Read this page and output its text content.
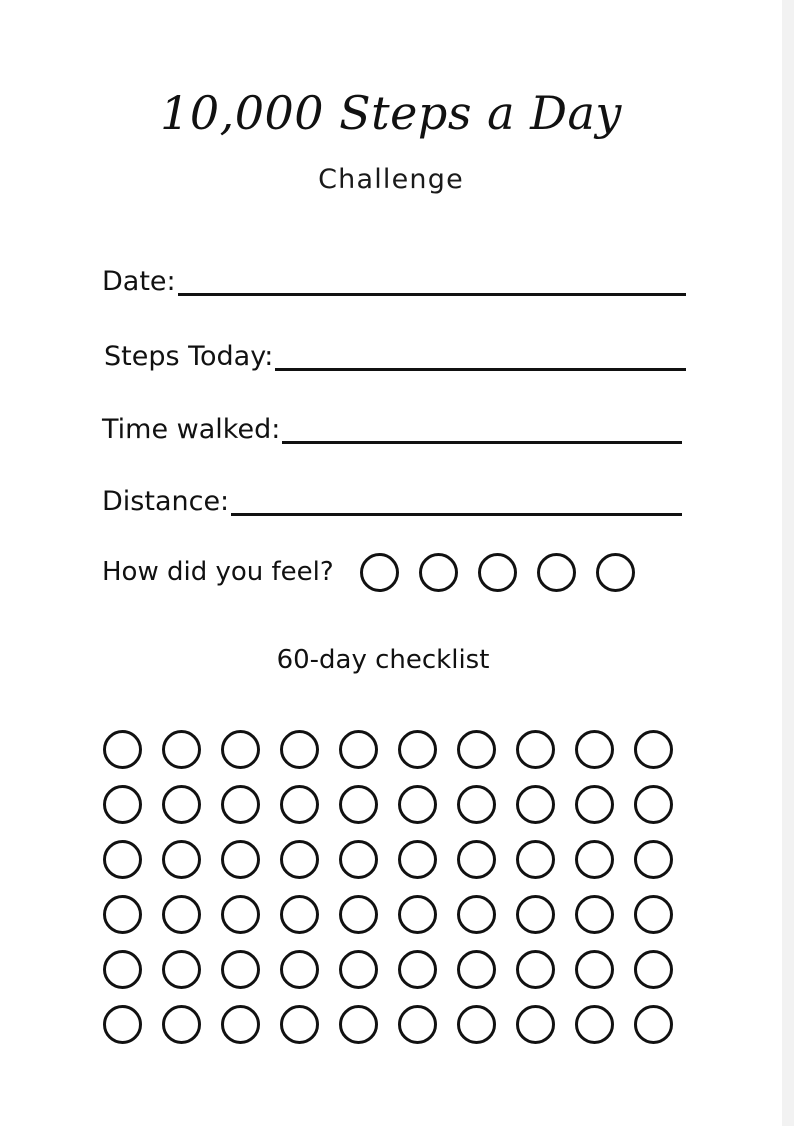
10,000 Steps a Day
Challenge
Date:
Steps Today:
Time walked:
Distance:
How did you feel?
60-day checklist
